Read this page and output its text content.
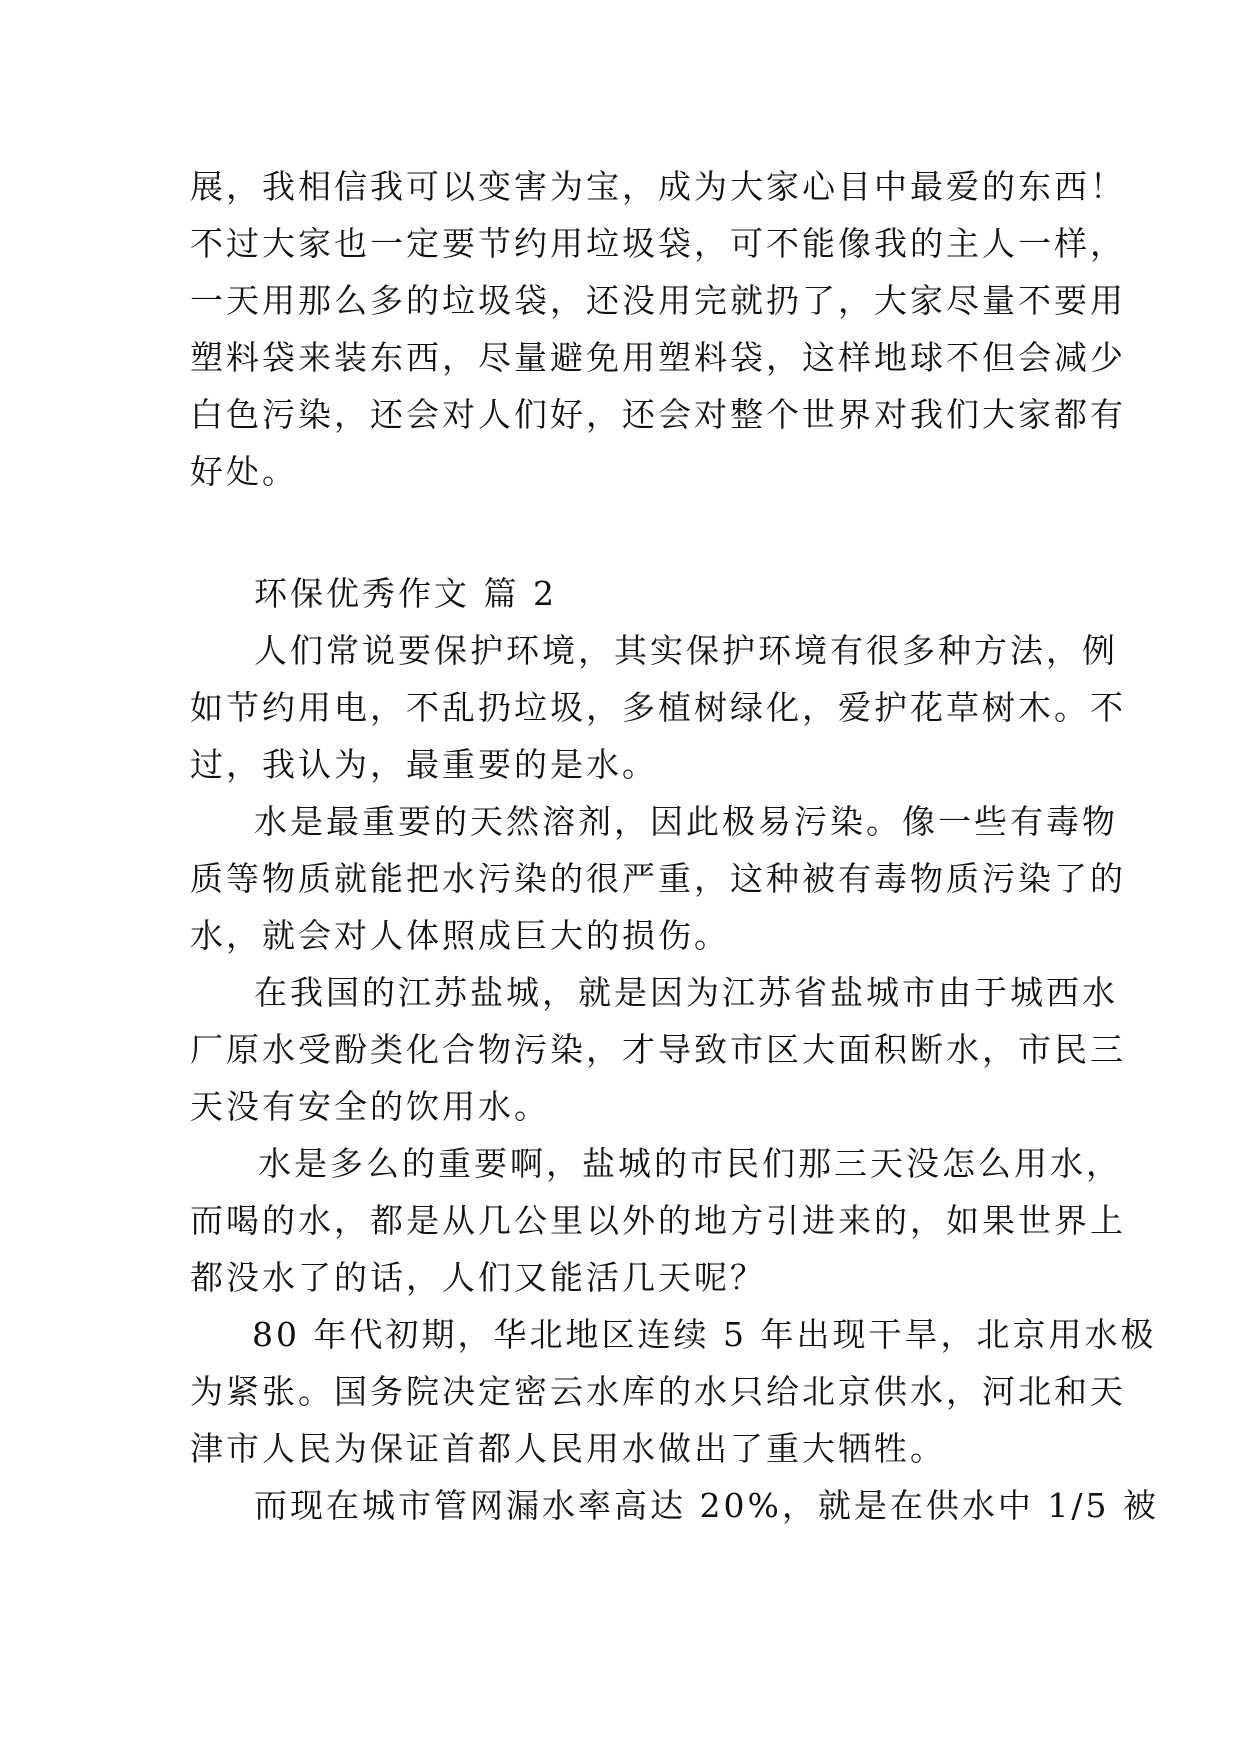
展，我相信我可以变害为宝，成为大家心目中最爱的东西！
不过大家也一定要节约用垃圾袋，可不能像我的主人一样，
一天用那么多的垃圾袋，还没用完就扔了，大家尽量不要用
塑料袋来装东西，尽量避免用塑料袋，这样地球不但会减少
白色污染，还会对人们好，还会对整个世界对我们大家都有
好处。
环保优秀作文 篇 2
人们常说要保护环境，其实保护环境有很多种方法，例
如节约用电，不乱扔垃圾，多植树绿化，爱护花草树木。不
过，我认为，最重要的是水。
水是最重要的天然溶剂，因此极易污染。像一些有毒物
质等物质就能把水污染的很严重，这种被有毒物质污染了的
水，就会对人体照成巨大的损伤。
在我国的江苏盐城，就是因为江苏省盐城市由于城西水
厂原水受酚类化合物污染，才导致市区大面积断水，市民三
天没有安全的饮用水。
水是多么的重要啊，盐城的市民们那三天没怎么用水，
而喝的水，都是从几公里以外的地方引进来的，如果世界上
都没水了的话，人们又能活几天呢？
80 年代初期，华北地区连续 5 年出现干旱，北京用水极
为紧张。国务院决定密云水库的水只给北京供水，河北和天
津市人民为保证首都人民用水做出了重大牺牲。
而现在城市管网漏水率高达 20%，就是在供水中 1/5 被
